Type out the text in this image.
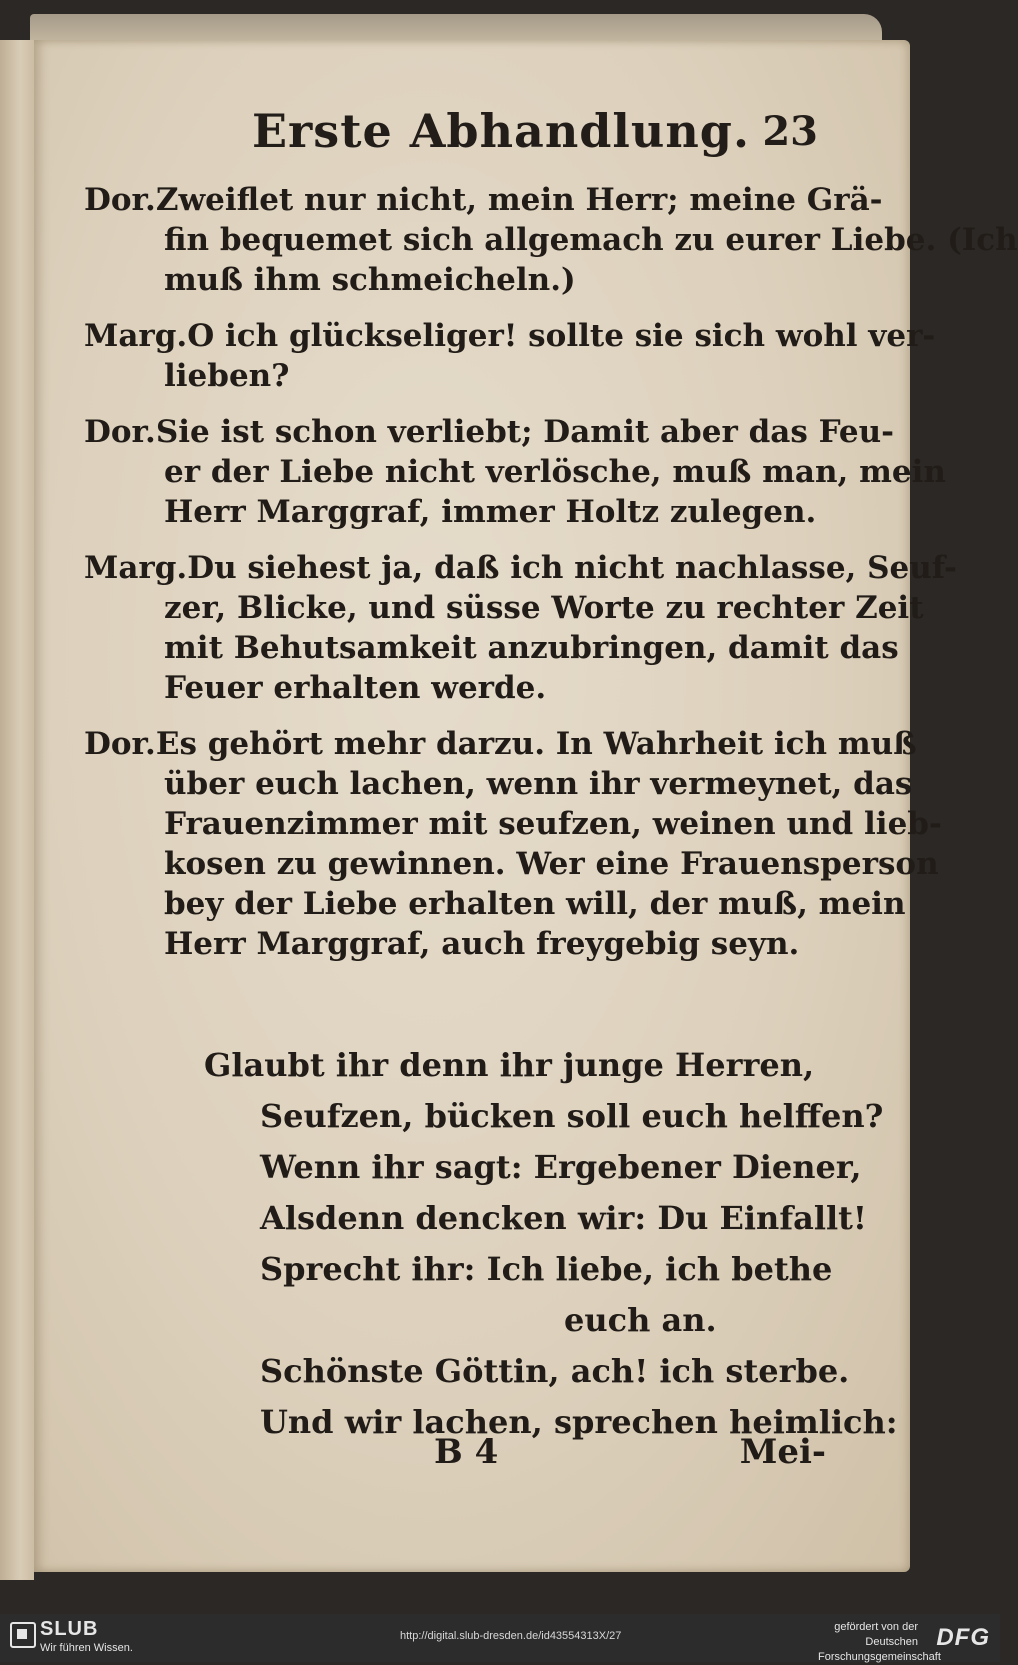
Erste Abhandlung. 23
Dor.Zweiflet nur nicht, mein Herr; meine Grä-
fin bequemet sich allgemach zu eurer Liebe. (Ich
muß ihm schmeicheln.)
Marg.O ich glückseliger! sollte sie sich wohl ver-
lieben?
Dor.Sie ist schon verliebt; Damit aber das Feu-
er der Liebe nicht verlösche, muß man, mein
Herr Marggraf, immer Holtz zulegen.
Marg.Du siehest ja, daß ich nicht nachlasse, Seuf-
zer, Blicke, und süsse Worte zu rechter Zeit
mit Behutsamkeit anzubringen, damit das
Feuer erhalten werde.
Dor.Es gehört mehr darzu. In Wahrheit ich muß
über euch lachen, wenn ihr vermeynet, das
Frauenzimmer mit seufzen, weinen und lieb-
kosen zu gewinnen. Wer eine Frauensperson
bey der Liebe erhalten will, der muß, mein
Herr Marggraf, auch freygebig seyn.
Glaubt ihr denn ihr junge Herren,
Seufzen, bücken soll euch helffen?
Wenn ihr sagt: Ergebener Diener,
Alsdenn dencken wir: Du Einfallt!
Sprecht ihr: Ich liebe, ich bethe
euch an.
Schönste Göttin, ach! ich sterbe.
Und wir lachen, sprechen heimlich:
B 4	Mei-
SLUB
Wir führen Wissen.
http://digital.slub-dresden.de/id43554313X/27
gefördert von der
Deutschen Forschungsgemeinschaft
DFG
